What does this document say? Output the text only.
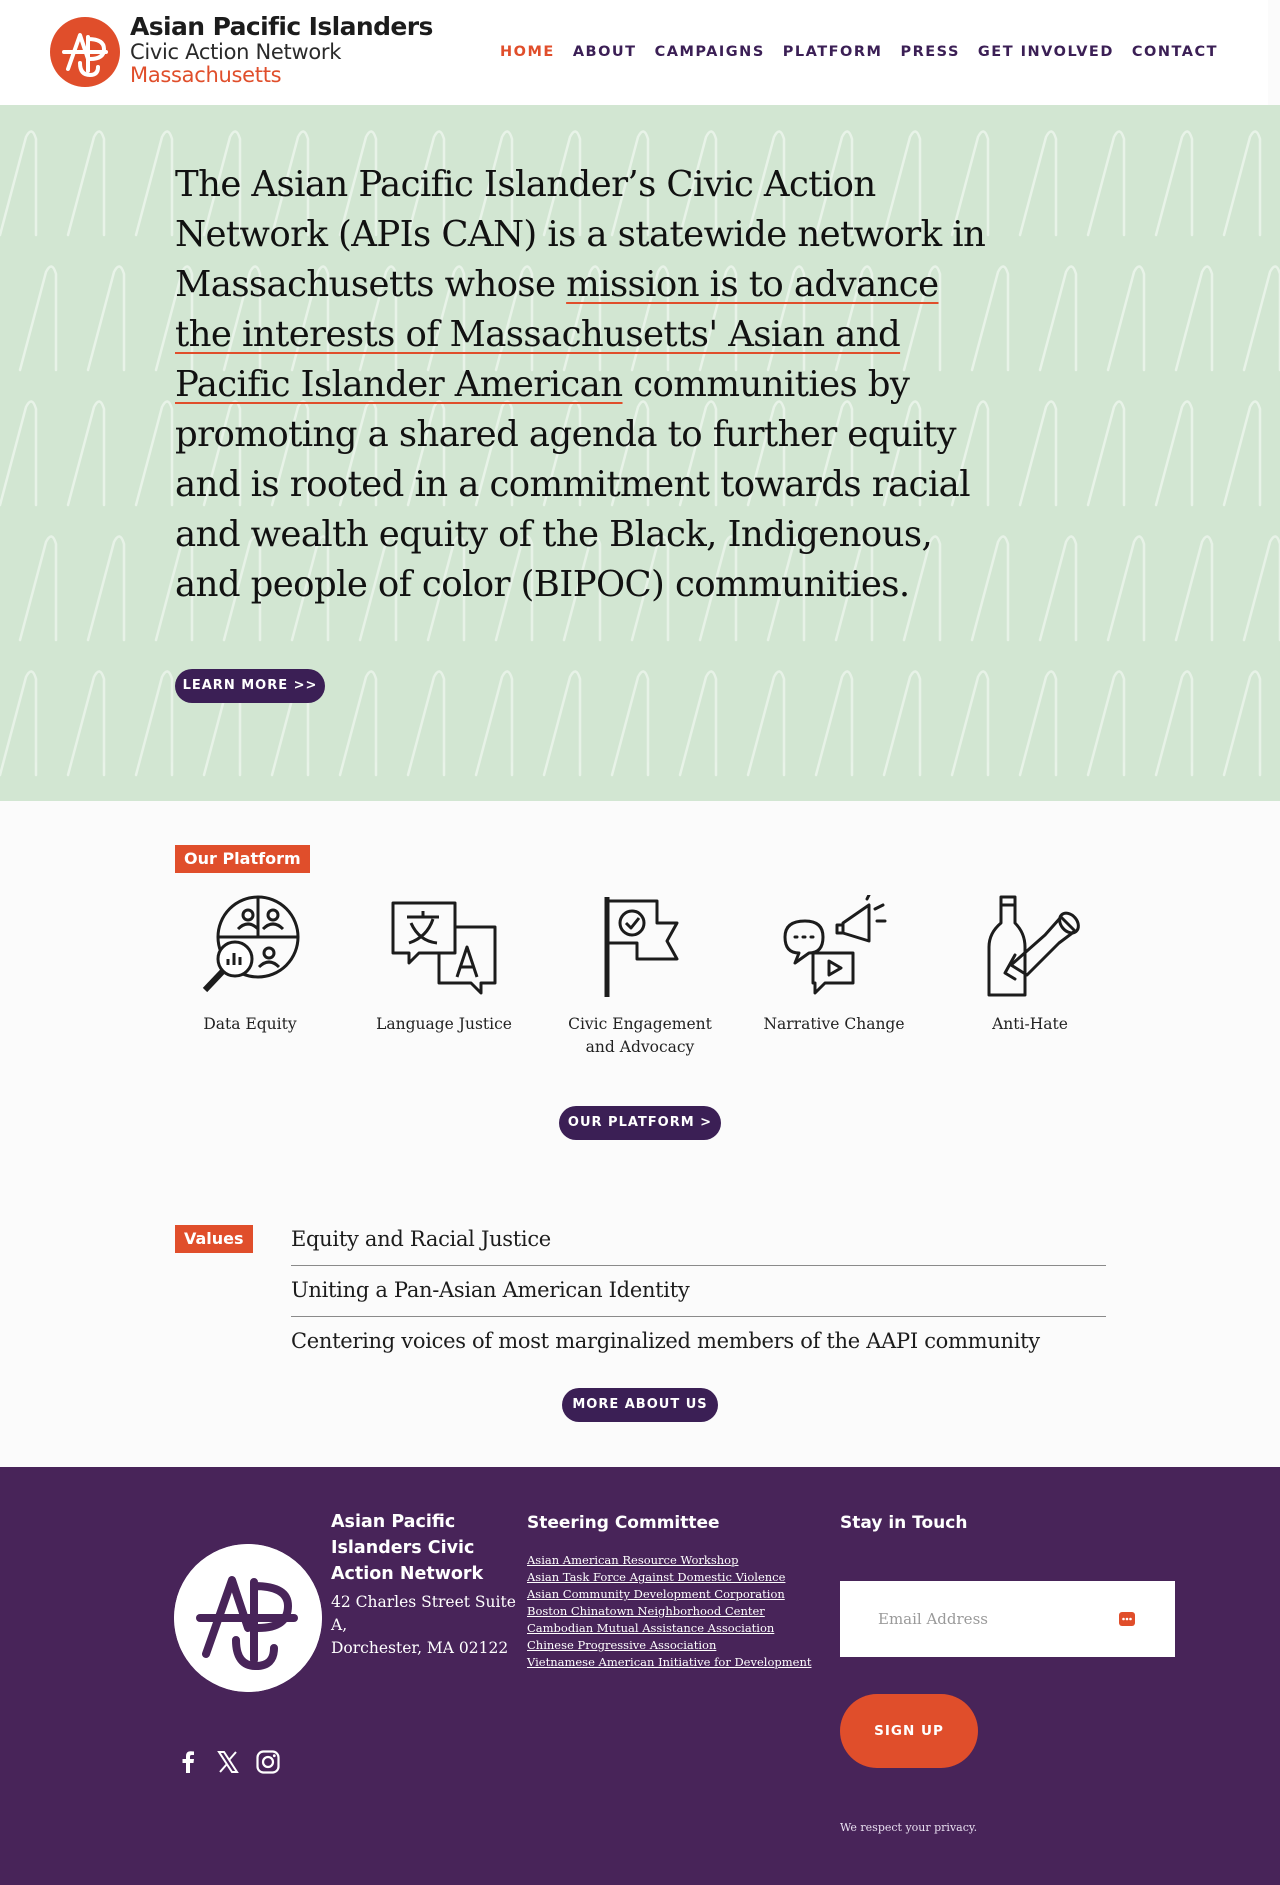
Asian Pacific Islanders
Civic Action Network
Massachusetts
HOME ABOUT CAMPAIGNS PLATFORM PRESS GET INVOLVED CONTACT

The Asian Pacific Islander’s Civic Action Network (APIs CAN) is a statewide network in Massachusetts whose mission is to advance the interests of Massachusetts' Asian and Pacific Islander American communities by promoting a shared agenda to further equity and is rooted in a commitment towards racial and wealth equity of the Black, Indigenous, and people of color (BIPOC) communities.

LEARN MORE >>
Our Platform
Data Equity	Language Justice	Civic Engagement and Advocacy
Narrative Change	Anti-Hate
OUR PLATFORM >
Values	Equity and Racial Justice
Uniting a Pan-Asian American Identity
Centering voices of most marginalized members of the AAPI community
MORE ABOUT US
Asian Pacific Islanders Civic Action Network
42 Charles Street Suite A,
Dorchester, MA 02122
Steering Committee
Asian American Resource Workshop
Asian Task Force Against Domestic Violence
Asian Community Development Corporation
Boston Chinatown Neighborhood Center
Cambodian Mutual Assistance Association
Chinese Progressive Association
Vietnamese American Initiative for Development
Stay in Touch
Email Address
SIGN UP
We respect your privacy.
